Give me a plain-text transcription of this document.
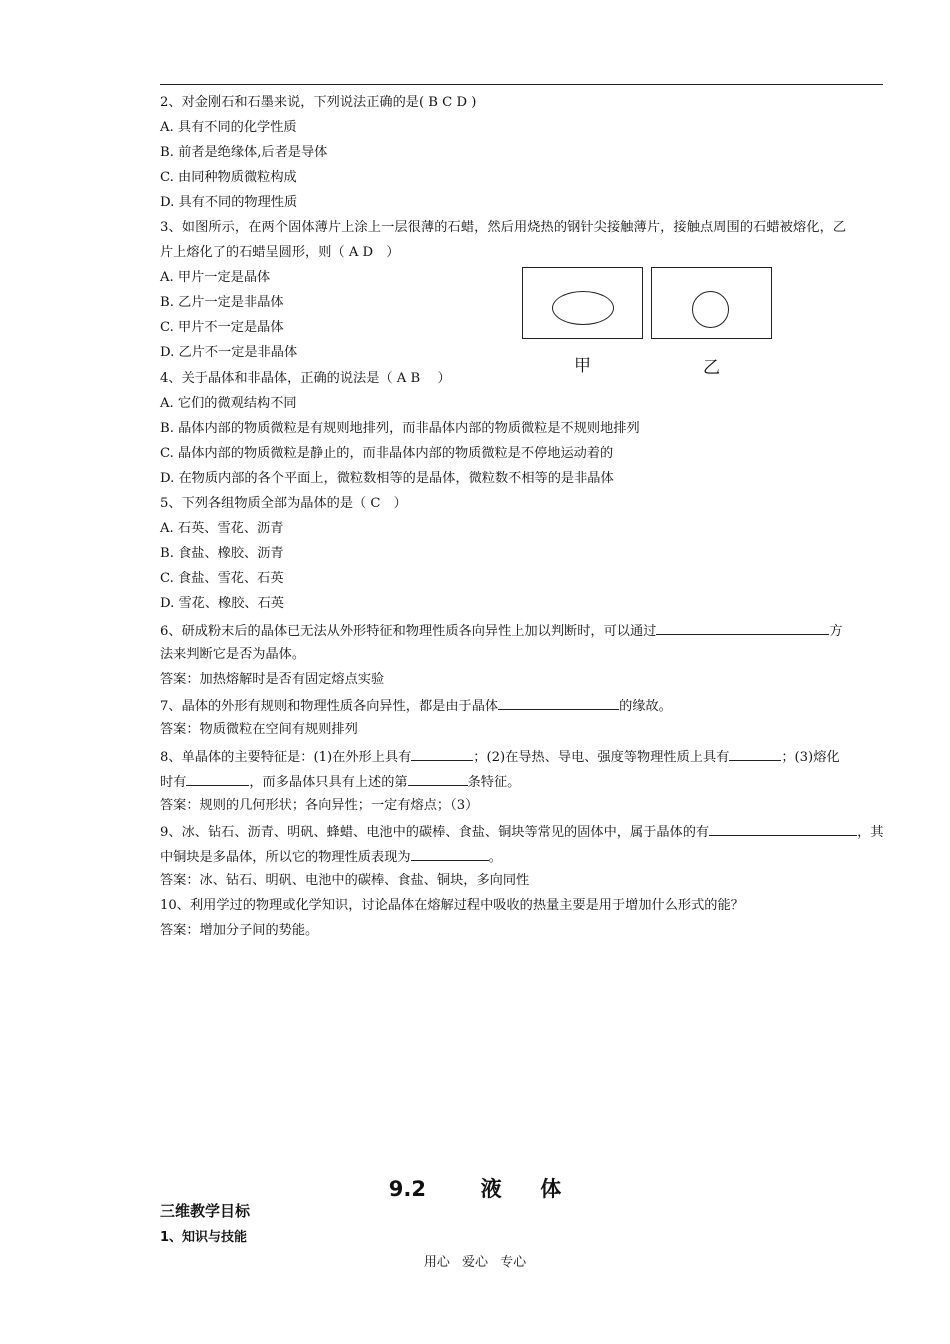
2、对金刚石和石墨来说，下列说法正确的是( B C D )
A. 具有不同的化学性质
B. 前者是绝缘体,后者是导体
C. 由同种物质微粒构成
D. 具有不同的物理性质
3、如图所示，在两个固体薄片上涂上一层很薄的石蜡，然后用烧热的钢针尖接触薄片，接触点周围的石蜡被熔化，乙
片上熔化了的石蜡呈圆形，则（ A D　）
A. 甲片一定是晶体
B. 乙片一定是非晶体
C. 甲片不一定是晶体
D. 乙片不一定是非晶体
甲	乙
4、关于晶体和非晶体，正确的说法是（ A B　 ）
A. 它们的微观结构不同
B. 晶体内部的物质微粒是有规则地排列，而非晶体内部的物质微粒是不规则地排列
C. 晶体内部的物质微粒是静止的，而非晶体内部的物质微粒是不停地运动着的
D. 在物质内部的各个平面上，微粒数相等的是晶体，微粒数不相等的是非晶体
5、下列各组物质全部为晶体的是（ C　）
A. 石英、雪花、沥青
B. 食盐、橡胶、沥青
C. 食盐、雪花、石英
D. 雪花、橡胶、石英
6、研成粉末后的晶体已无法从外形特征和物理性质各向异性上加以判断时，可以通过	方
法来判断它是否为晶体。
答案：加热熔解时是否有固定熔点实验
7、晶体的外形有规则和物理性质各向异性，都是由于晶体	的缘故。
答案：物质微粒在空间有规则排列
8、单晶体的主要特征是：(1)在外形上具有	；(2)在导热、导电、强度等物理性质上具有	；(3)熔化
时有	，而多晶体只具有上述的第	条特征。
答案：规则的几何形状；各向异性；一定有熔点；（3）
9、冰、钻石、沥青、明矾、蜂蜡、电池中的碳棒、食盐、铜块等常见的固体中，属于晶体的有	，其
中铜块是多晶体，所以它的物理性质表现为	。
答案：冰、钻石、明矾、电池中的碳棒、食盐、铜块，多向同性
10、利用学过的物理或化学知识，讨论晶体在熔解过程中吸收的热量主要是用于增加什么形式的能？
答案：增加分子间的势能。
9.2	液 体
三维教学目标
1、知识与技能
用心 爱心 专心
